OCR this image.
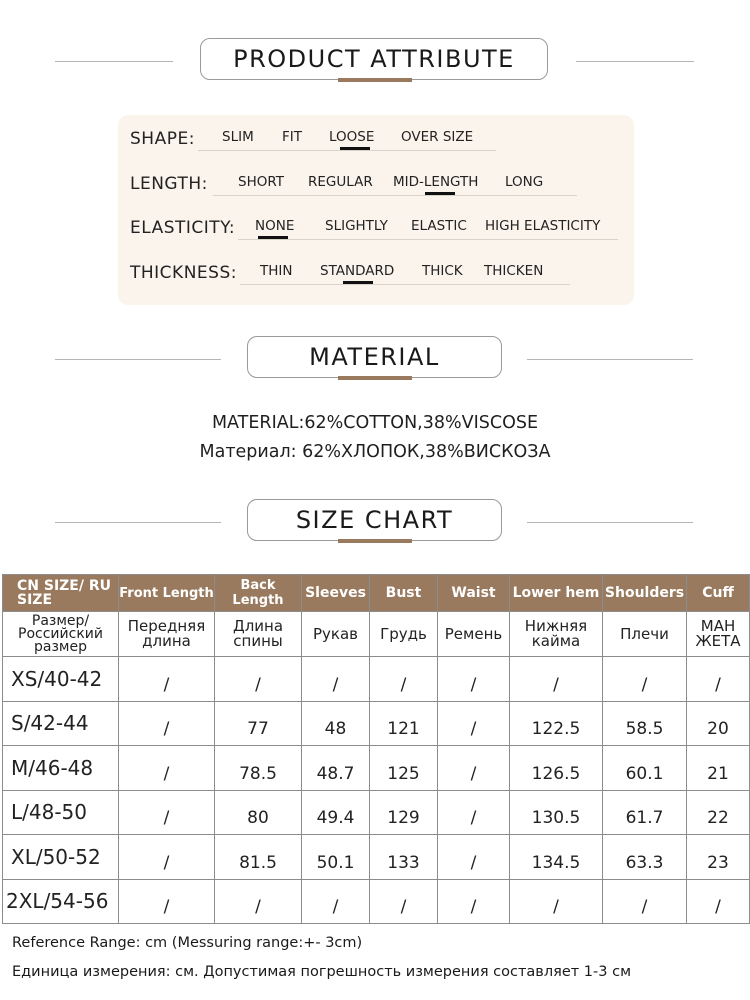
PRODUCT ATTRIBUTE
SHAPE: SLIM FIT LOOSE OVER SIZE
LENGTH: SHORT REGULAR MID-LENGTH LONG
ELASTICITY: NONE SLIGHTLY ELASTIC HIGH ELASTICITY
THICKNESS: THIN STANDARD THICK THICKEN
MATERIAL
MATERIAL:62%COTTON,38%VISCOSE
Материал: 62%ХЛОПОК,38%ВИСКОЗА
SIZE CHART
CN SIZE/ RU SIZE	Front Length	Back Length	Sleeves	Bust	Waist	Lower hem	Shoulders	Cuff
Размер/ Российский размер	Передняя длина	Длина спины	Рукав	Грудь	Ремень	Нижняя кайма	Плечи	МАН ЖЕТА
XS/40-42	/	/	/	/	/	/	/	/
S/42-44	/	77	48	121	/	122.5	58.5	20
M/46-48	/	78.5	48.7	125	/	126.5	60.1	21
L/48-50	/	80	49.4	129	/	130.5	61.7	22
XL/50-52	/	81.5	50.1	133	/	134.5	63.3	23
2XL/54-56	/	/	/	/	/	/	/	/
Reference Range: cm (Messuring range:+- 3cm)
Единица измерения: см. Допустимая погрешность измерения составляет 1-3 см
